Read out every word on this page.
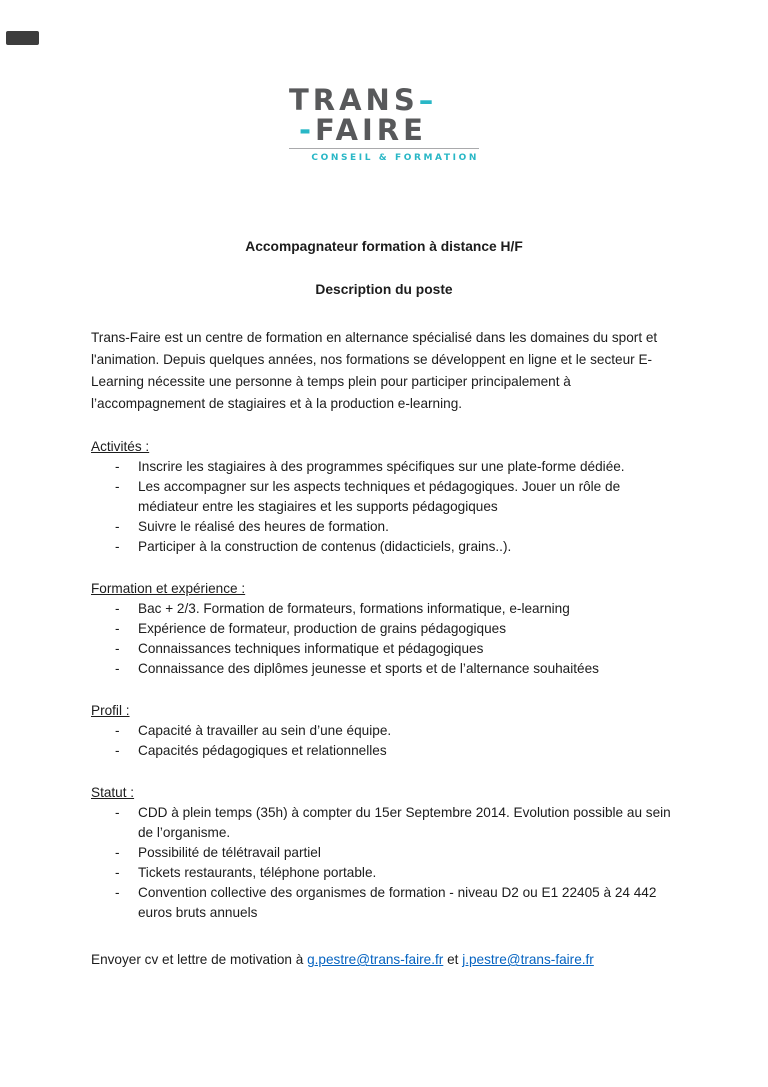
TRANS–
-FAIRE
CONSEIL & FORMATION
Accompagnateur formation à distance H/F
Description du poste

Trans-Faire est un centre de formation en alternance spécialisé dans les domaines du sport et l'animation. Depuis quelques années, nos formations se développent en ligne et le secteur E-Learning nécessite une personne à temps plein pour participer principalement à l’accompagnement de stagiaires et à la production e-learning.

Activités :
- Inscrire les stagiaires à des programmes spécifiques sur une plate-forme dédiée.
- Les accompagner sur les aspects techniques et pédagogiques. Jouer un rôle de médiateur entre les stagiaires et les supports pédagogiques
- Suivre le réalisé des heures de formation.
- Participer à la construction de contenus (didacticiels, grains..).
Formation et expérience :
- Bac + 2/3. Formation de formateurs, formations informatique, e-learning
- Expérience de formateur, production de grains pédagogiques
- Connaissances techniques informatique et pédagogiques
- Connaissance des diplômes jeunesse et sports et de l’alternance souhaitées
Profil :
- Capacité à travailler au sein d’une équipe.
- Capacités pédagogiques et relationnelles
Statut :
- CDD à plein temps (35h) à compter du 15er Septembre 2014. Evolution possible au sein de l’organisme.
- Possibilité de télétravail partiel
- Tickets restaurants, téléphone portable.
- Convention collective des organismes de formation - niveau D2 ou E1 22405 à 24 442 euros bruts annuels

Envoyer cv et lettre de motivation à g.pestre@trans-faire.fr et j.pestre@trans-faire.fr
